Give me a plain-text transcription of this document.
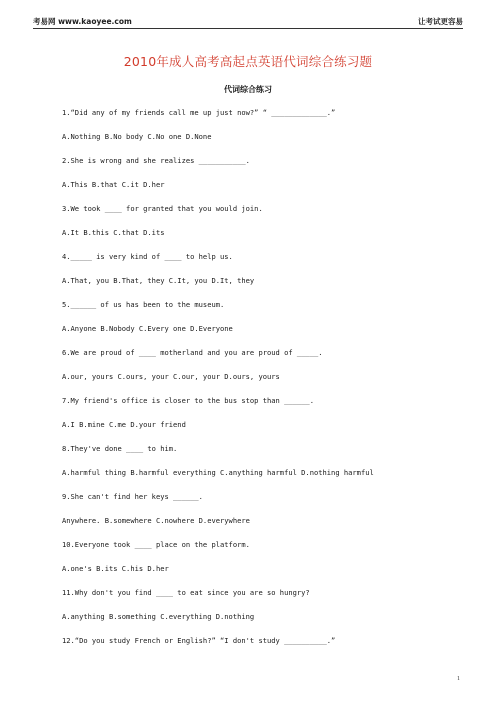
考易网 www.kaoyee.com	让考试更容易
2010年成人高考高起点英语代词综合练习题
代词综合练习
1.“Did any of my friends call me up just now?” “ _____________.”
A.Nothing B.No body C.No one D.None
2.She is wrong and she realizes ___________.
A.This B.that C.it D.her
3.We took ____ for granted that you would join.
A.It B.this C.that D.its
4._____ is very kind of ____ to help us.
A.That, you B.That, they C.It, you D.It, they
5.______ of us has been to the museum.
A.Anyone B.Nobody C.Every one D.Everyone
6.We are proud of ____ motherland and you are proud of _____.
A.our, yours C.ours, your C.our, your D.ours, yours
7.My friend's office is closer to the bus stop than ______.
A.I B.mine C.me D.your friend
8.They've done ____ to him.
A.harmful thing B.harmful everything C.anything harmful D.nothing harmful
9.She can't find her keys ______.
Anywhere. B.somewhere C.nowhere D.everywhere
10.Everyone took ____ place on the platform.
A.one's B.its C.his D.her
11.Why don't you find ____ to eat since you are so hungry?
A.anything B.something C.everything D.nothing
12.“Do you study French or English?” “I don't study __________.”
1
